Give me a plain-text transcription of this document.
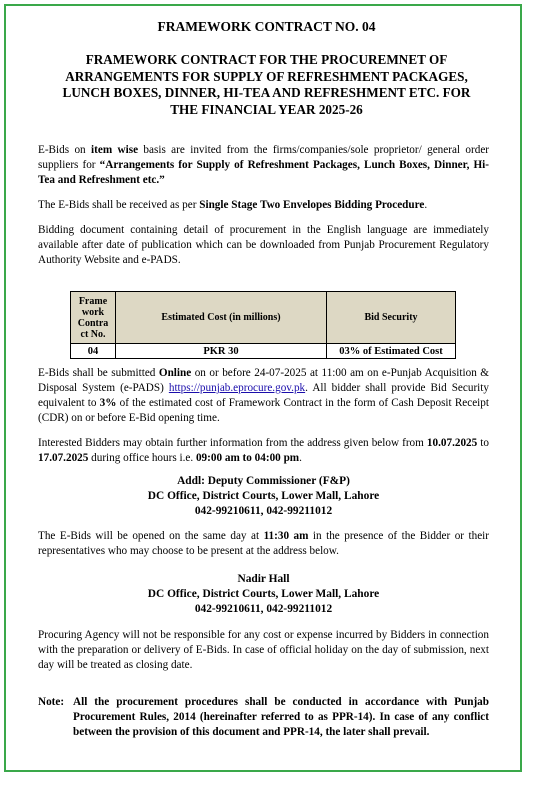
FRAMEWORK CONTRACT NO. 04
FRAMEWORK CONTRACT FOR THE PROCUREMNET OF
ARRANGEMENTS FOR SUPPLY OF REFRESHMENT PACKAGES,
LUNCH BOXES, DINNER, HI-TEA AND REFRESHMENT ETC. FOR
THE FINANCIAL YEAR 2025-26
E-Bids on item wise basis are invited from the firms/companies/sole proprietor/ general order suppliers for “Arrangements for Supply of Refreshment Packages, Lunch Boxes, Dinner, Hi-Tea and Refreshment etc.”
The E-Bids shall be received as per Single Stage Two Envelopes Bidding Procedure.
Bidding document containing detail of procurement in the English language are immediately available after date of publication which can be downloaded from Punjab Procurement Regulatory Authority Website and e-PADS.
Frame work Contra ct No.	Estimated Cost (in millions)	Bid Security
04	PKR 30	03% of Estimated Cost
E-Bids shall be submitted Online on or before 24-07-2025 at 11:00 am on e-Punjab Acquisition & Disposal System (e-PADS) https://punjab.eprocure.gov.pk. All bidder shall provide Bid Security equivalent to 3% of the estimated cost of Framework Contract in the form of Cash Deposit Receipt (CDR) on or before E-Bid opening time.
Interested Bidders may obtain further information from the address given below from 10.07.2025 to 17.07.2025 during office hours i.e. 09:00 am to 04:00 pm.
Addl: Deputy Commissioner (F&P)
DC Office, District Courts, Lower Mall, Lahore
042-99210611, 042-99211012
The E-Bids will be opened on the same day at 11:30 am in the presence of the Bidder or their representatives who may choose to be present at the address below.
Nadir Hall
DC Office, District Courts, Lower Mall, Lahore
042-99210611, 042-99211012
Procuring Agency will not be responsible for any cost or expense incurred by Bidders in connection with the preparation or delivery of E-Bids. In case of official holiday on the day of submission, next day will be treated as closing date.
Note: All the procurement procedures shall be conducted in accordance with Punjab Procurement Rules, 2014 (hereinafter referred to as PPR-14). In case of any conflict between the provision of this document and PPR-14, the later shall prevail.
